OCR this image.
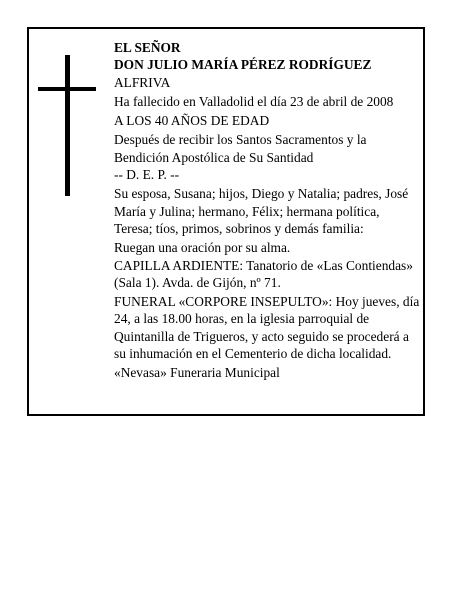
EL SEÑOR

DON JULIO MARÍA PÉREZ RODRÍGUEZ

ALFRIVA

Ha fallecido en Valladolid el día 23 de abril de 2008

A LOS 40 AÑOS DE EDAD

Después de recibir los Santos Sacramentos y la

Bendición Apostólica de Su Santidad

-- D. E. P. --

Su esposa, Susana; hijos, Diego y Natalia; padres, José

María y Julina; hermano, Félix; hermana política,

Teresa; tíos, primos, sobrinos y demás familia:

Ruegan una oración por su alma.

CAPILLA ARDIENTE: Tanatorio de «Las Contiendas»

(Sala 1). Avda. de Gijón, nº 71.

FUNERAL «CORPORE INSEPULTO»: Hoy jueves, día

24, a las 18.00 horas, en la iglesia parroquial de

Quintanilla de Trigueros, y acto seguido se procederá a

su inhumación en el Cementerio de dicha localidad.

«Nevasa» Funeraria Municipal
